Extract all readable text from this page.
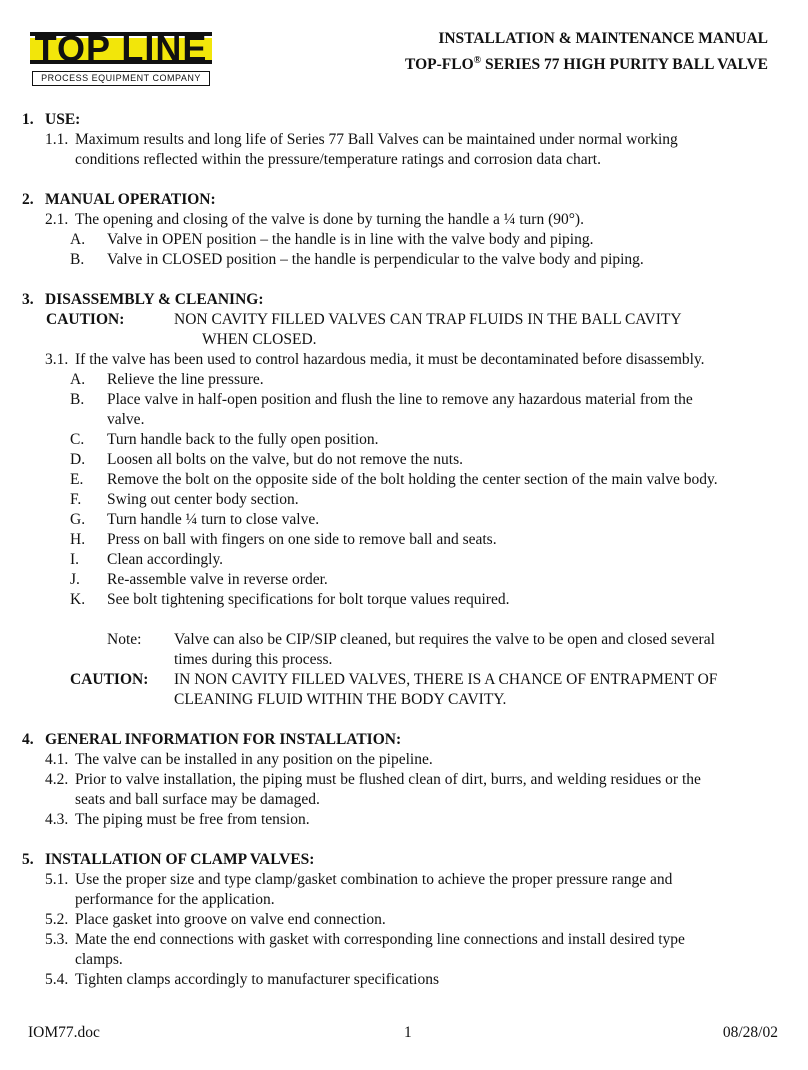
TOP LINE
PROCESS EQUIPMENT COMPANY
INSTALLATION & MAINTENANCE MANUAL
TOP-FLO® SERIES 77 HIGH PURITY BALL VALVE
1. USE:
1.1. Maximum results and long life of Series 77 Ball Valves can be maintained under normal working
conditions reflected within the pressure/temperature ratings and corrosion data chart.
2. MANUAL OPERATION:
2.1. The opening and closing of the valve is done by turning the handle a ¼ turn (90°).
A. Valve in OPEN position – the handle is in line with the valve body and piping.
B. Valve in CLOSED position – the handle is perpendicular to the valve body and piping.
3. DISASSEMBLY & CLEANING:
CAUTION:	NON CAVITY FILLED VALVES CAN TRAP FLUIDS IN THE BALL CAVITY
WHEN CLOSED.
3.1. If the valve has been used to control hazardous media, it must be decontaminated before disassembly.
A. Relieve the line pressure.
B. Place valve in half-open position and flush the line to remove any hazardous material from the
valve.
C. Turn handle back to the fully open position.
D. Loosen all bolts on the valve, but do not remove the nuts.
E. Remove the bolt on the opposite side of the bolt holding the center section of the main valve body.
F. Swing out center body section.
G. Turn handle ¼ turn to close valve.
H. Press on ball with fingers on one side to remove ball and seats.
I. Clean accordingly.
J. Re-assemble valve in reverse order.
K. See bolt tightening specifications for bolt torque values required.
Note: Valve can also be CIP/SIP cleaned, but requires the valve to be open and closed several
times during this process.
CAUTION: IN NON CAVITY FILLED VALVES, THERE IS A CHANCE OF ENTRAPMENT OF
CLEANING FLUID WITHIN THE BODY CAVITY.
4. GENERAL INFORMATION FOR INSTALLATION:
4.1. The valve can be installed in any position on the pipeline.
4.2. Prior to valve installation, the piping must be flushed clean of dirt, burrs, and welding residues or the
seats and ball surface may be damaged.
4.3. The piping must be free from tension.
5. INSTALLATION OF CLAMP VALVES:
5.1. Use the proper size and type clamp/gasket combination to achieve the proper pressure range and
performance for the application.
5.2. Place gasket into groove on valve end connection.
5.3. Mate the end connections with gasket with corresponding line connections and install desired type
clamps.
5.4. Tighten clamps accordingly to manufacturer specifications
IOM77.doc	1	08/28/02
